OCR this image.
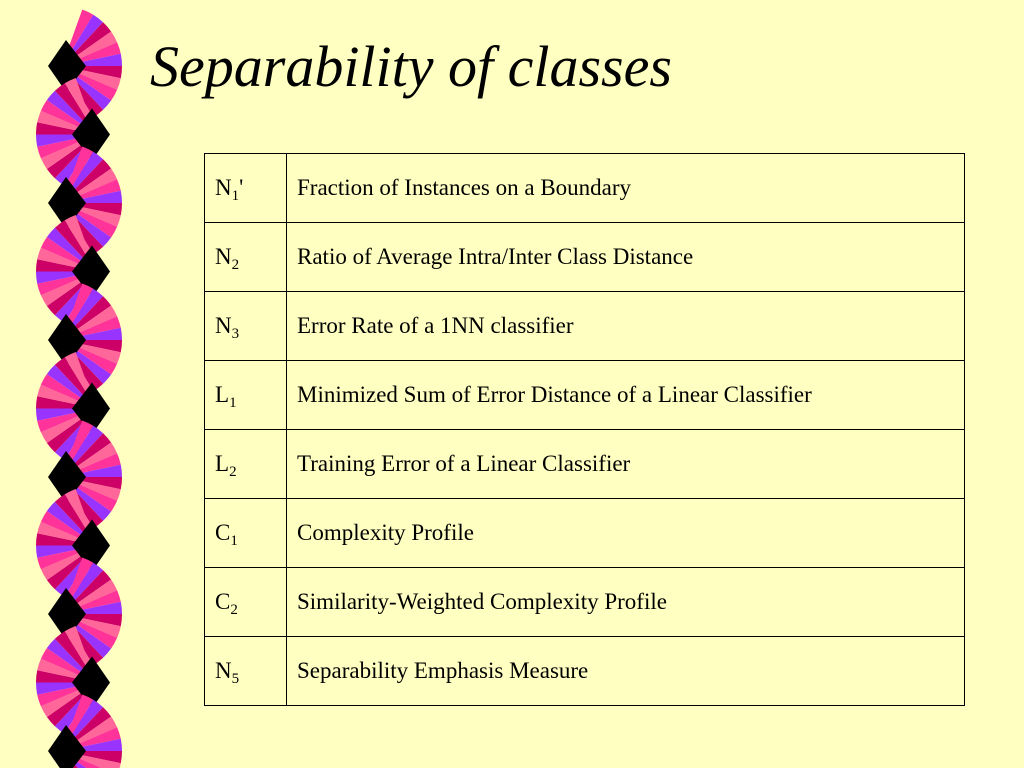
Separability of classes
$N_1'$	Fraction of Instances on a Boundary
$N_2$	Ratio of Average Intra/Inter Class Distance
$N_3$	Error Rate of a 1NN classifier
$L_1$	Minimized Sum of Error Distance of a Linear Classifier
$L_2$	Training Error of a Linear Classifier
$C_1$	Complexity Profile
$C_2$	Similarity-Weighted Complexity Profile
$N_5$	Separability Emphasis Measure
